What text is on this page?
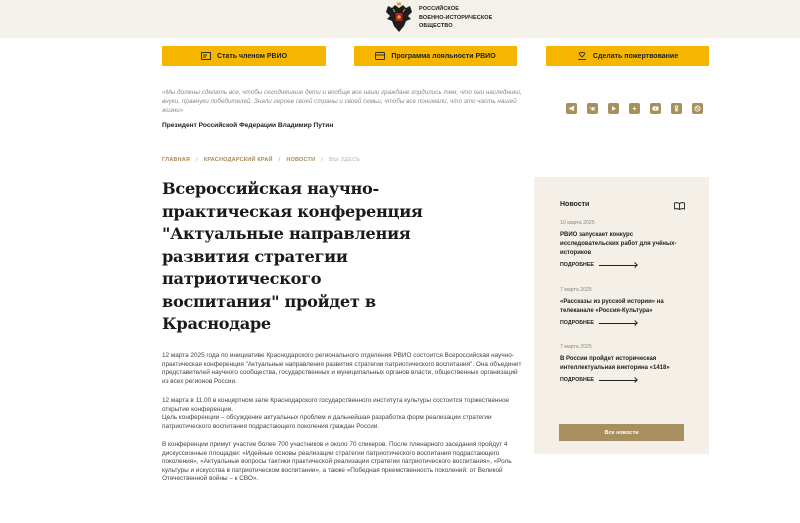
РОССИЙСКОЕ
ВОЕННО-ИСТОРИЧЕСКОЕ
ОБЩЕСТВО
Стать членом РВИО	Программа лояльности РВИО	Сделать пожертвование
«Мы должны сделать все, чтобы сегодняшние дети и вообще все наши граждане гордились тем, что они наследники, внуки, правнуки победителей. Знали героев своей страны и своей семьи, чтобы все понимали, что это часть нашей жизни»
Президент Российской Федерации Владимир Путин
ГЛАВНАЯ / КРАСНОДАРСКИЙ КРАЙ / НОВОСТИ / ВЫ ЗДЕСЬ
Всероссийская научно-практическая конференция "Актуальные направления развития стратегии патриотического воспитания" пройдет в Краснодаре
12 марта 2025 года по инициативе Краснодарского регионального отделения РВИО состоится Всероссийская научно-практическая конференция "Актуальные направления развития стратегии патриотического воспитания". Она объединит представителей научного сообщества, государственных и муниципальных органов власти, общественных организаций из всех регионов России.
12 марта в 11.00 в концертном зале Краснодарского государственного института культуры состоится торжественное открытие конференции.
Цель конференции – обсуждение актуальных проблем и дальнейшая разработка форм реализации стратегии патриотического воспитания подрастающего поколения граждан России.
В конференции примут участие более 700 участников и около 70 спикеров. После пленарного заседания пройдут 4 дискуссионные площадки: «Идейные основы реализации стратегии патриотического воспитания подрастающего поколения», «Актуальные вопросы тактики практической реализации стратегии патриотического воспитания», «Роль культуры и искусства в патриотическом воспитании», а также «Победная преемственность поколений: от Великой Отечественной войны – к СВО».
Новости
10 марта 2025
РВИО запускает конкурс исследовательских работ для учёных-историков
ПОДРОБНЕЕ
7 марта 2025
«Рассказы из русской истории» на телеканале «Россия-Культура»
ПОДРОБНЕЕ
7 марта 2025
В России пройдет историческая интеллектуальная викторина «1418»
ПОДРОБНЕЕ
Все новости
